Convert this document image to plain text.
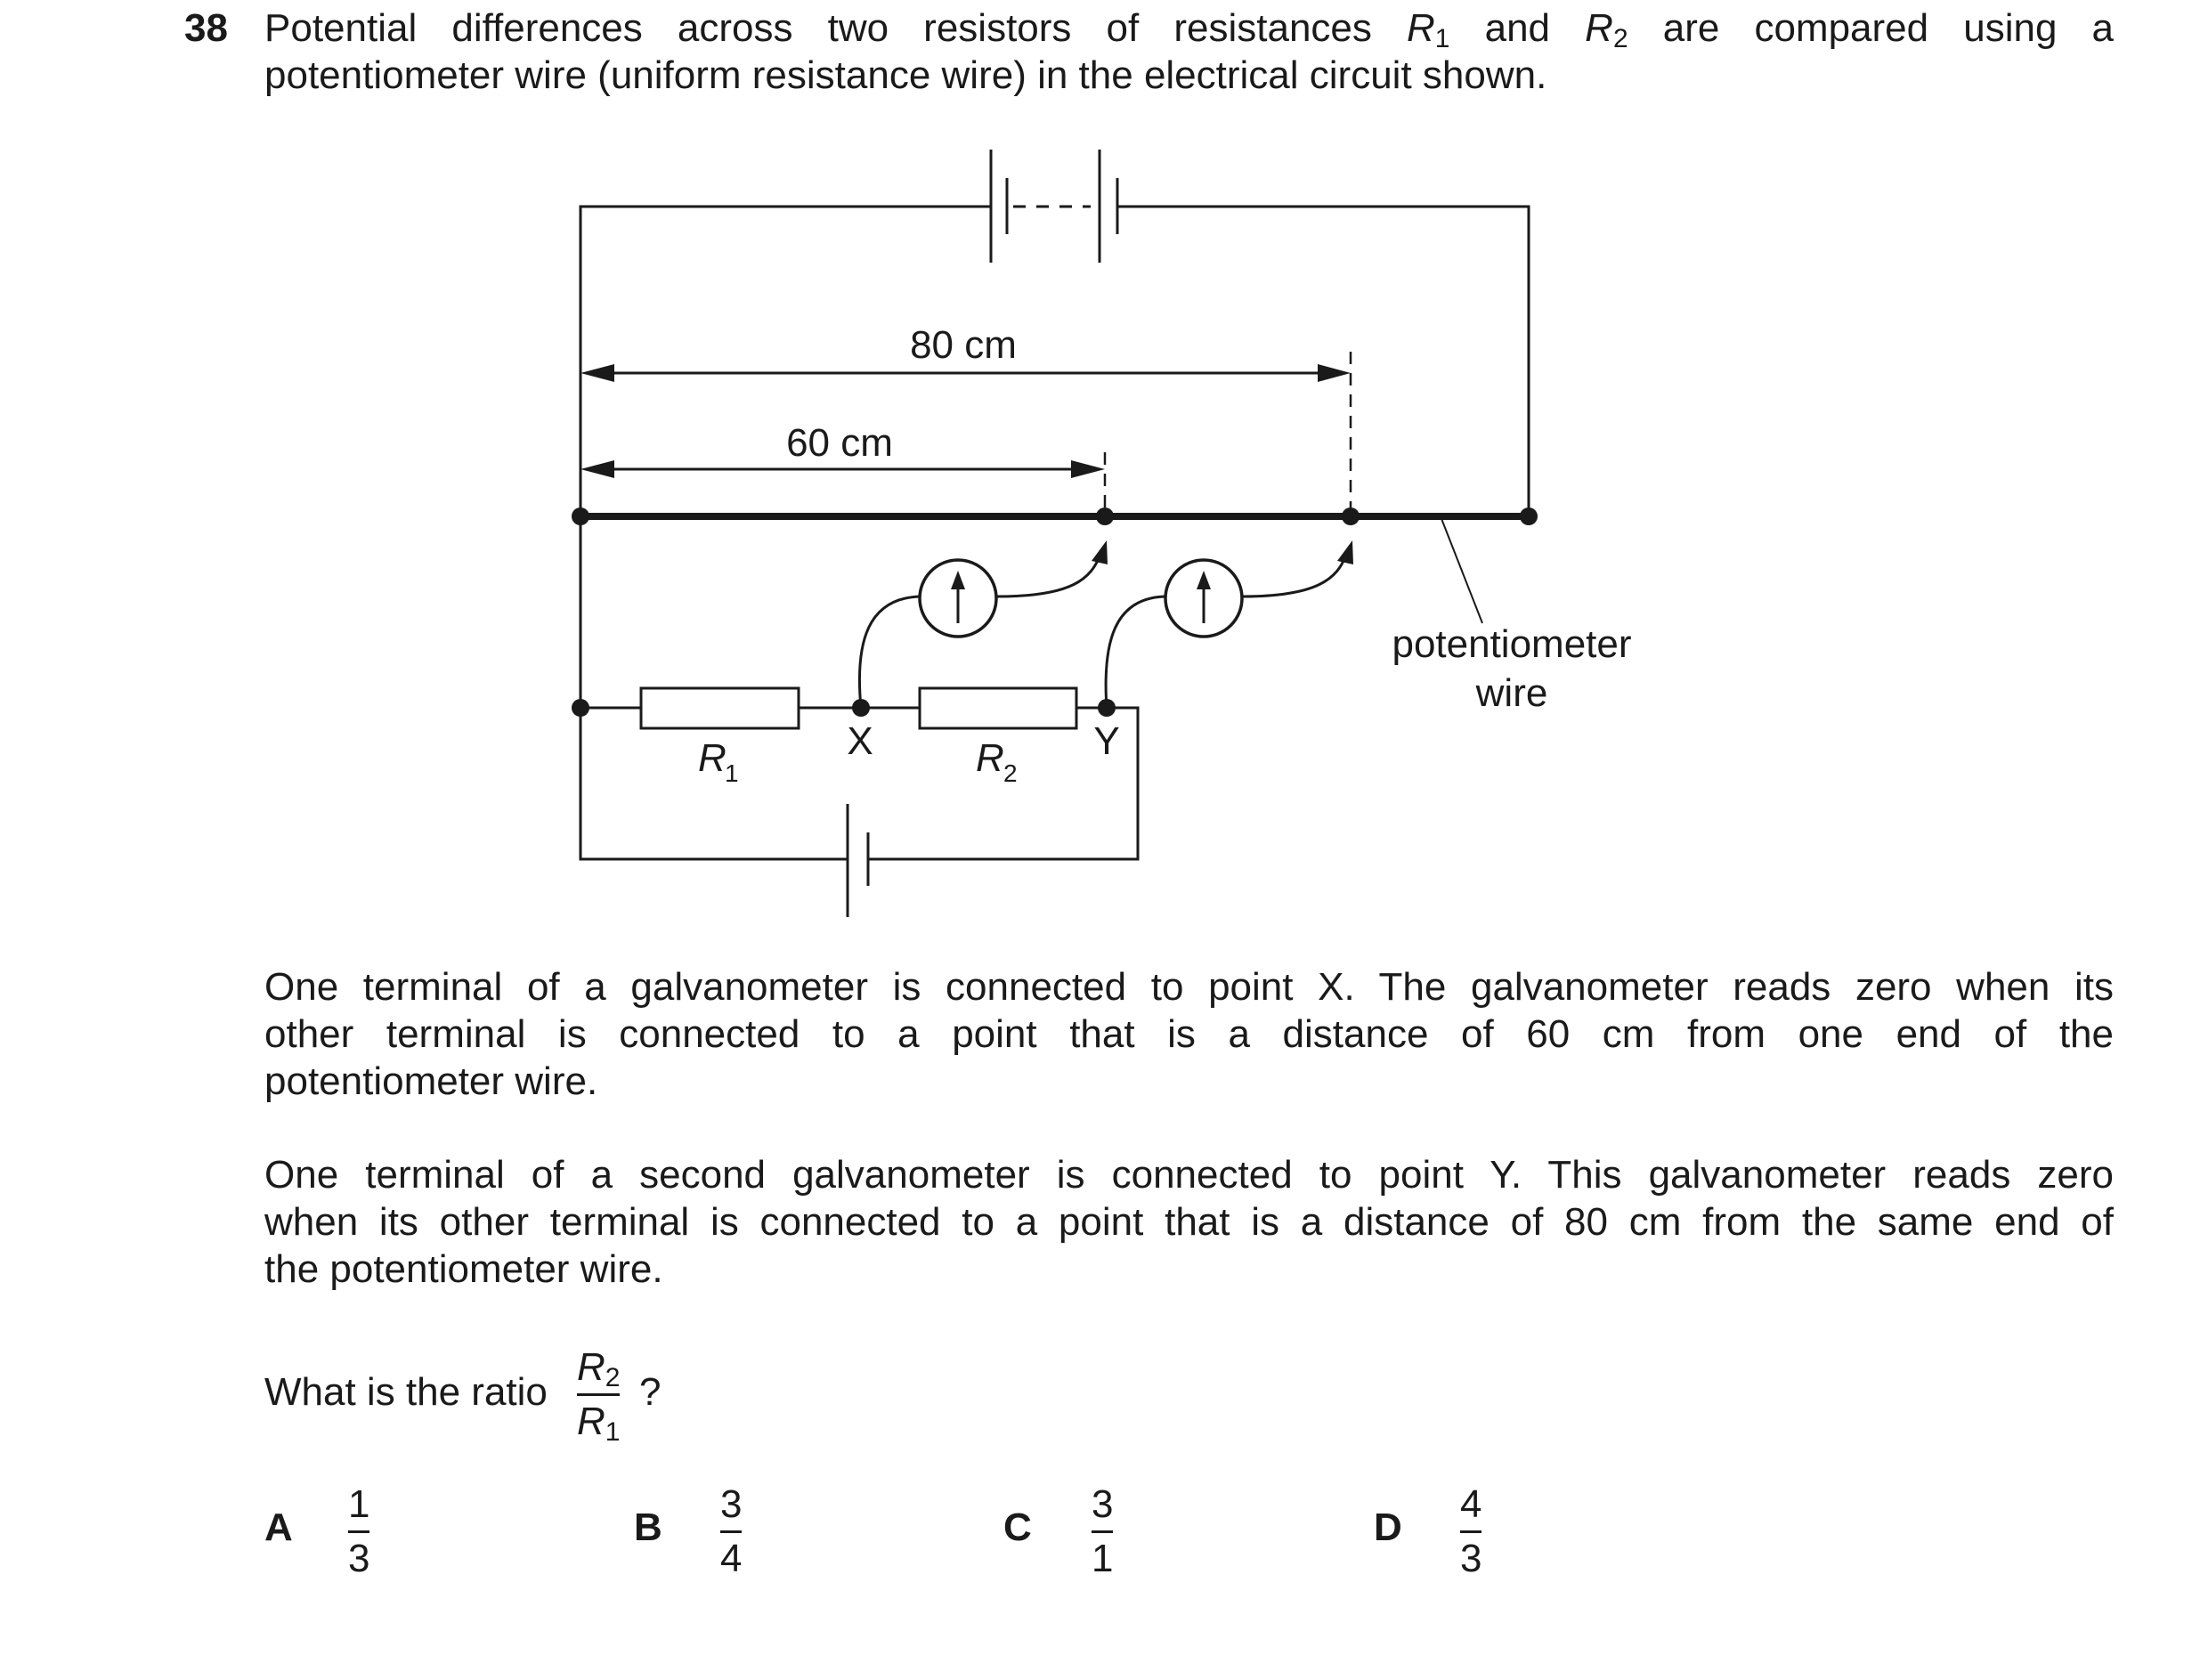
38 Potential differences across two resistors of resistances $R_1$ and $R_2$ are compared using a
potentiometer wire (uniform resistance wire) in the electrical circuit shown.
80 cm
60 cm
X	Y
R
1	R 2
potentiometer
wire
One terminal of a galvanometer is connected to point X. The galvanometer reads zero when its
other terminal is connected to a point that is a distance of 60 cm from one end of the
potentiometer wire.
One terminal of a second galvanometer is connected to point Y. This galvanometer reads zero
when its other terminal is connected to a point that is a distance of 80 cm from the same end of
the potentiometer wire.
What is the ratio
$R_2$
$R_1$
?
A
1
3
B
3
4
C
3
1
D
4
3
